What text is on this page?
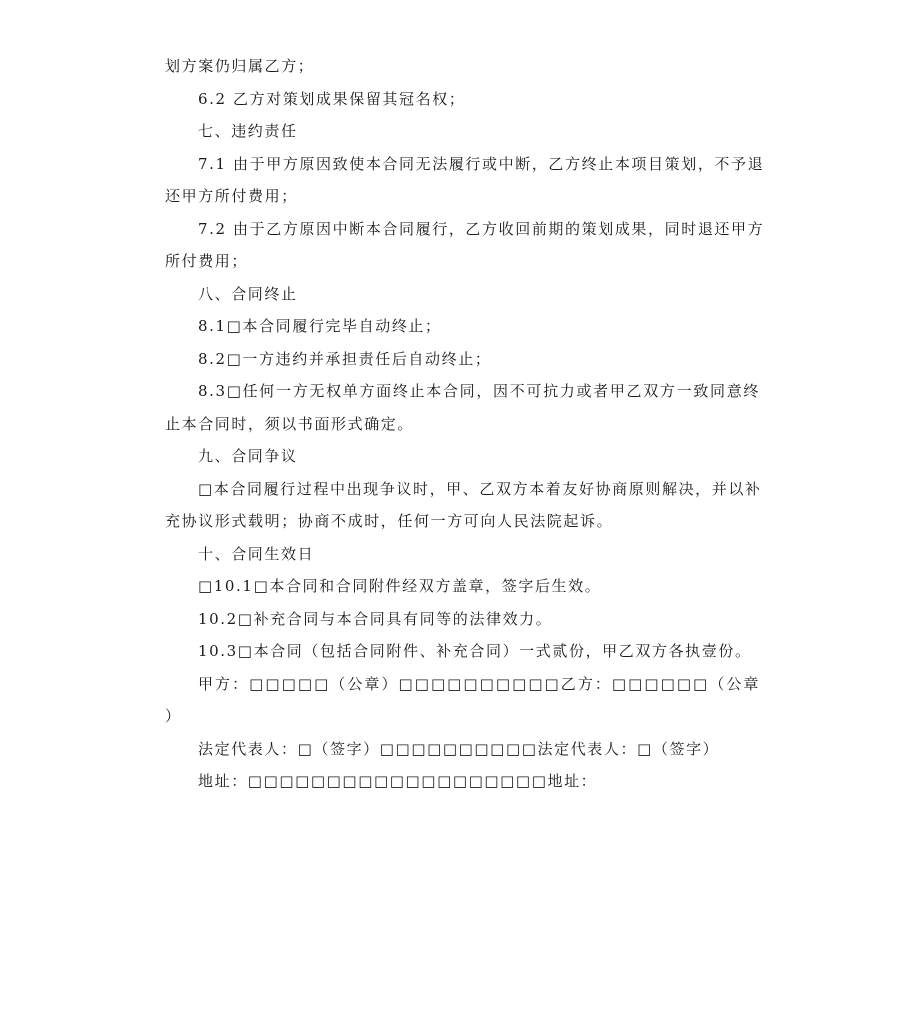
划方案仍归属乙方；
6.2 乙方对策划成果保留其冠名权；
七、违约责任
7.1 由于甲方原因致使本合同无法履行或中断，乙方终止本项目策划，不予退
还甲方所付费用；
7.2 由于乙方原因中断本合同履行，乙方收回前期的策划成果，同时退还甲方
所付费用；
八、合同终止
8.1□本合同履行完毕自动终止；
8.2□一方违约并承担责任后自动终止；
8.3□任何一方无权单方面终止本合同，因不可抗力或者甲乙双方一致同意终
止本合同时，须以书面形式确定。
九、合同争议
□本合同履行过程中出现争议时，甲、乙双方本着友好协商原则解决，并以补
充协议形式载明；协商不成时，任何一方可向人民法院起诉。
十、合同生效日
□10.1□本合同和合同附件经双方盖章，签字后生效。
10.2□补充合同与本合同具有同等的法律效力。
10.3□本合同（包括合同附件、补充合同）一式贰份，甲乙双方各执壹份。
甲方：□□□□□（公章）□□□□□□□□□□乙方：□□□□□□（公章
）
法定代表人：□（签字）□□□□□□□□□□法定代表人：□（签字）
地址：□□□□□□□□□□□□□□□□□□□地址：
